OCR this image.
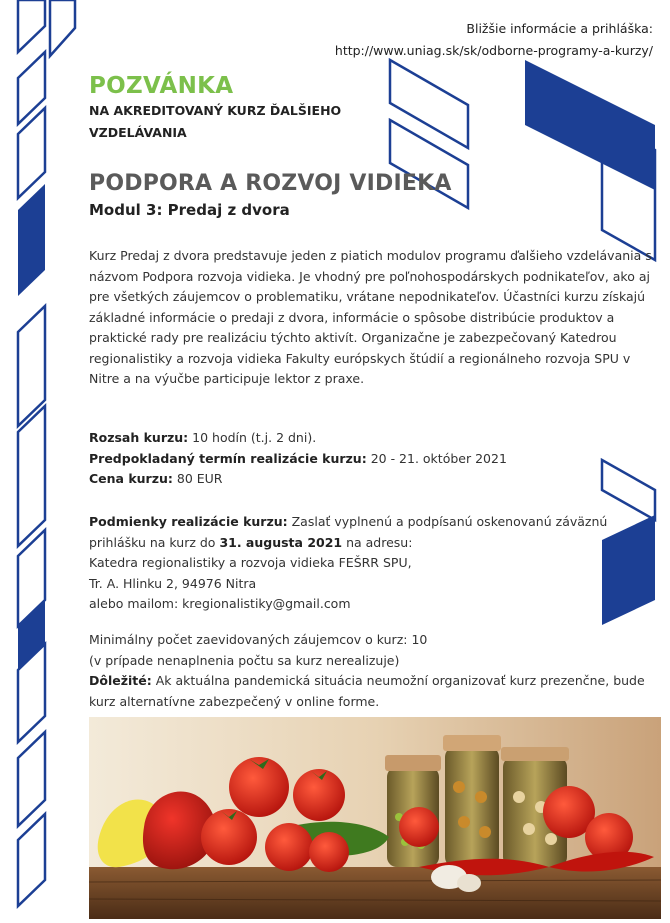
Bližšie informácie a prihláška:
http://www.uniag.sk/sk/odborne-programy-a-kurzy/
POZVÁNKA
NA AKREDITOVANÝ KURZ ĎALŠIEHO
VZDELÁVANIA
PODPORA A ROZVOJ VIDIEKA
Modul 3: Predaj z dvora
Kurz Predaj z dvora predstavuje jeden z piatich modulov programu ďalšieho vzdelávania s názvom Podpora rozvoja vidieka. Je vhodný pre poľnohospodárskych podnikateľov, ako aj pre všetkých záujemcov o problematiku, vrátane nepodnikateľov. Účastníci kurzu získajú základné informácie o predaji z dvora, informácie o spôsobe distribúcie produktov a praktické rady pre realizáciu týchto aktivít. Organizačne je zabezpečovaný Katedrou regionalistiky a rozvoja vidieka Fakulty európskych štúdií a regionálneho rozvoja SPU v Nitre a na výučbe participuje lektor z praxe.
Rozsah kurzu: 10 hodín (t.j. 2 dni).
Predpokladaný termín realizácie kurzu: 20 - 21. október 2021
Cena kurzu: 80 EUR
Podmienky realizácie kurzu: Zaslať vyplnenú a podpísanú oskenovanú záväznú prihlášku na kurz do 31. augusta 2021 na adresu:
Katedra regionalistiky a rozvoja vidieka FEŠRR SPU,
Tr. A. Hlinku 2, 94976 Nitra
alebo mailom: kregionalistiky@gmail.com
Minimálny počet zaevidovaných záujemcov o kurz: 10
(v prípade nenaplnenia počtu sa kurz nerealizuje)
Dôležité: Ak aktuálna pandemická situácia neumožní organizovať kurz prezenčne, bude kurz alternatívne zabezpečený v online forme.
